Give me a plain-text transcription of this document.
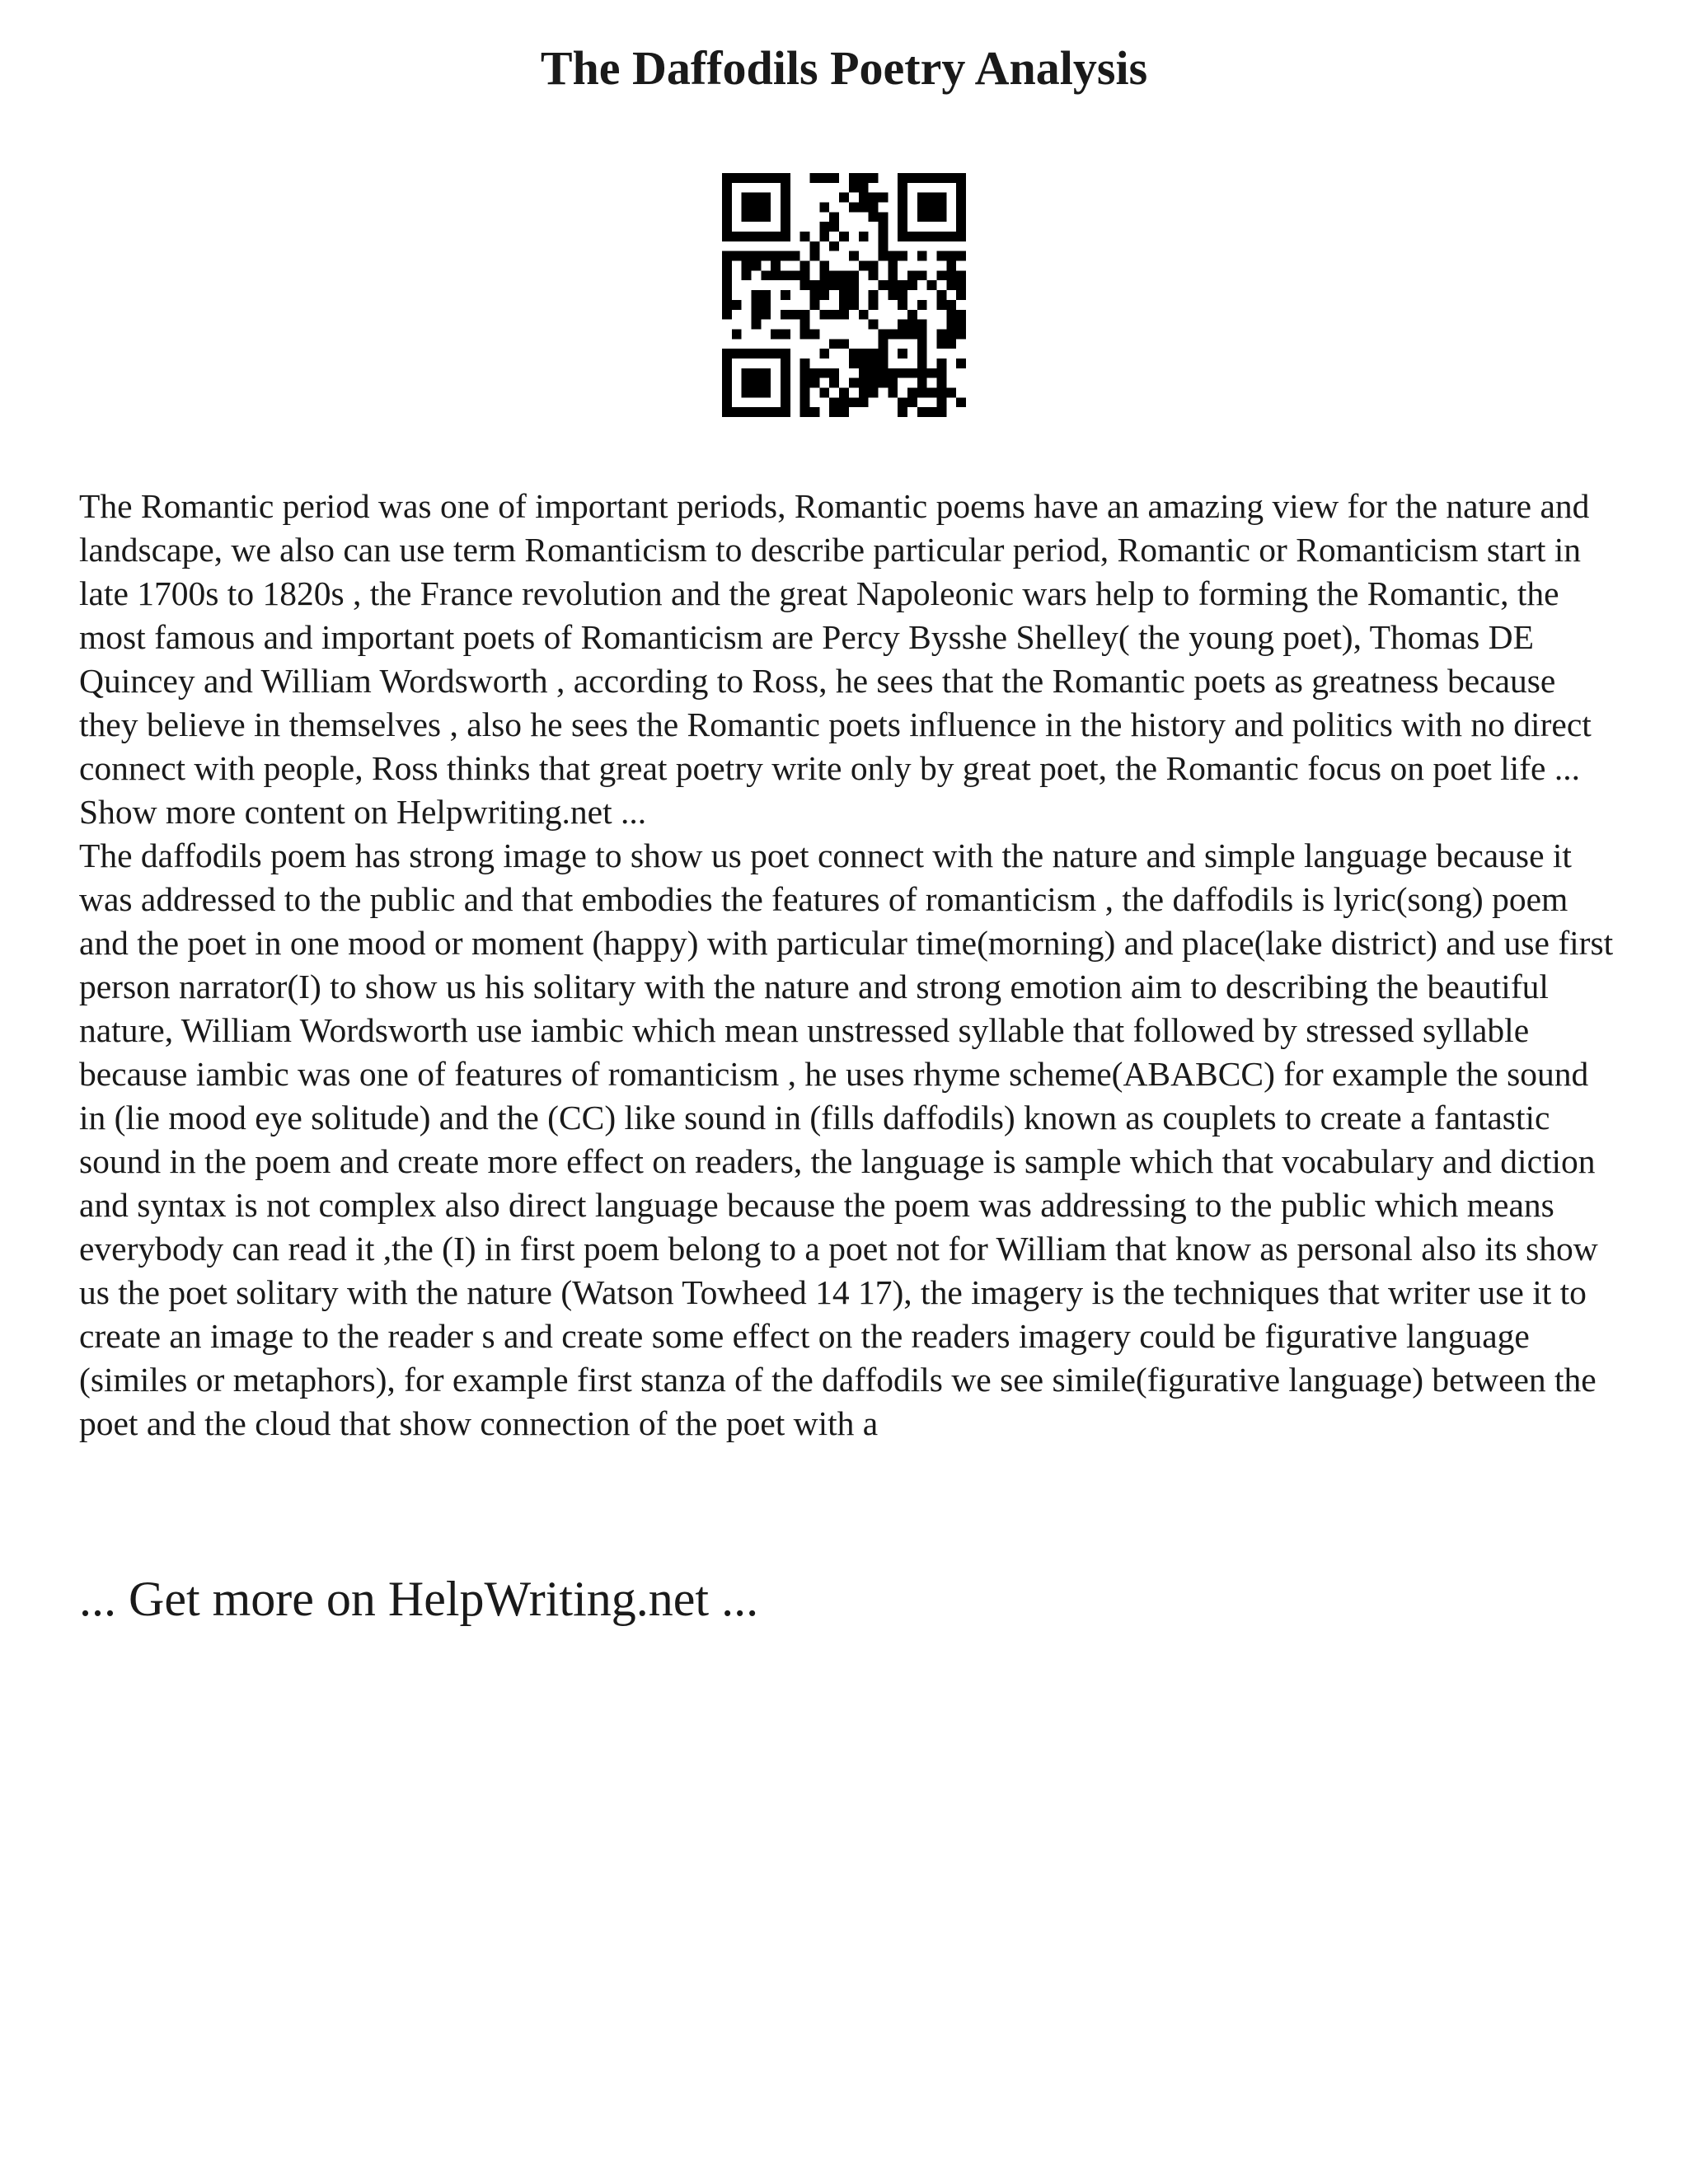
The Daffodils Poetry Analysis

The Romantic period was one of important periods, Romantic poems have an amazing view for the nature and landscape, we also can use term Romanticism to describe particular period, Romantic or Romanticism start in late 1700s to 1820s , the France revolution and the great Napoleonic wars help to forming the Romantic, the most famous and important poets of Romanticism are Percy Bysshe Shelley( the young poet), Thomas DE Quincey and William Wordsworth , according to Ross, he sees that the Romantic poets as greatness because they believe in themselves , also he sees the Romantic poets influence in the history and politics with no direct connect with people, Ross thinks that great poetry write only by great poet, the Romantic focus on poet life ... Show more content on Helpwriting.net ...

The daffodils poem has strong image to show us poet connect with the nature and simple language because it was addressed to the public and that embodies the features of romanticism , the daffodils is lyric(song) poem and the poet in one mood or moment (happy) with particular time(morning) and place(lake district) and use first person narrator(I) to show us his solitary with the nature and strong emotion aim to describing the beautiful nature, William Wordsworth use iambic which mean unstressed syllable that followed by stressed syllable because iambic was one of features of romanticism , he uses rhyme scheme(ABABCC) for example the sound in (lie mood eye solitude) and the (CC) like sound in (fills daffodils) known as couplets to create a fantastic sound in the poem and create more effect on readers, the language is sample which that vocabulary and diction and syntax is not complex also direct language because the poem was addressing to the public which means everybody can read it ,the (I) in first poem belong to a poet not for William that know as personal also its show us the poet solitary with the nature (Watson Towheed 14 17), the imagery is the techniques that writer use it to create an image to the reader s and create some effect on the readers imagery could be figurative language (similes or metaphors), for example first stanza of the daffodils we see simile(figurative language) between the poet and the cloud that show connection of the poet with a

... Get more on HelpWriting.net ...
